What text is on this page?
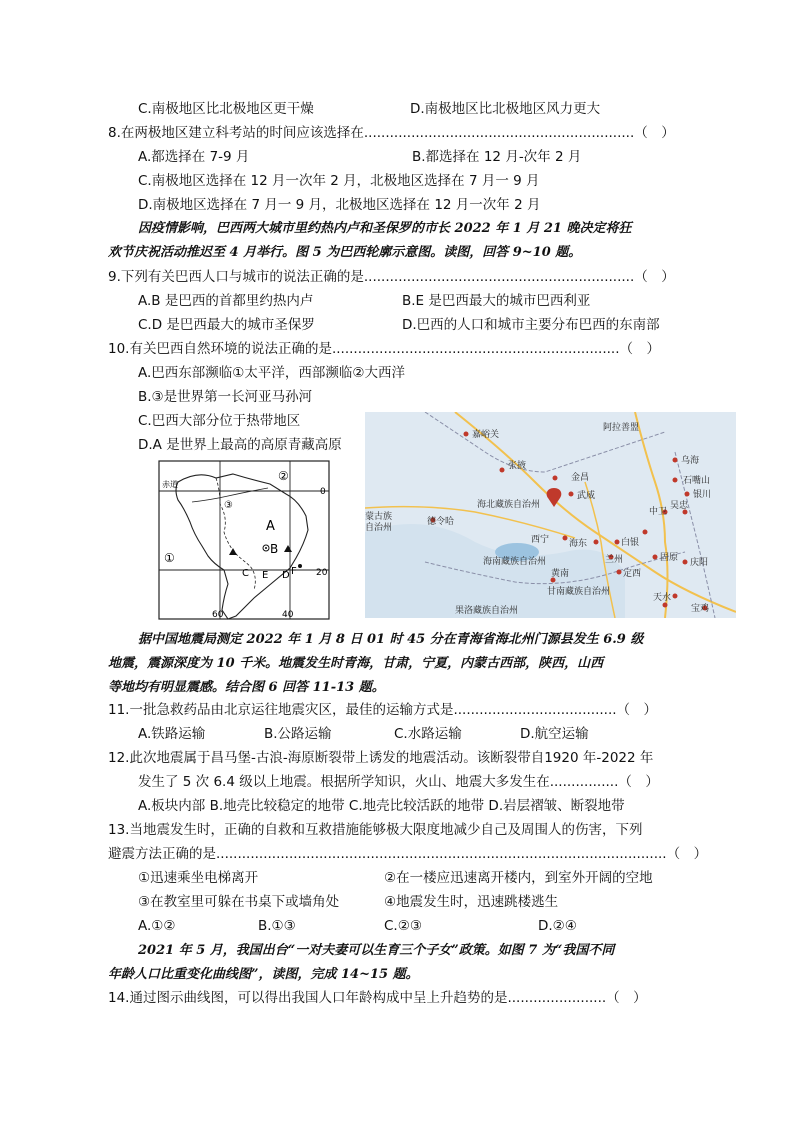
C.南极地区比北极地区更干燥	D.南极地区比北极地区风力更大
8.在两极地区建立科考站的时间应该选择在...............................................................（　）
A.都选择在 7-9 月	B.都选择在 12 月-次年 2 月
C.南极地区选择在 12 月一次年 2 月，北极地区选择在 7 月一 9 月
D.南极地区选择在 7 月一 9 月，北极地区选择在 12 月一次年 2 月
因疫情影响，巴西两大城市里约热内卢和圣保罗的市长 2022 年 1 月 21 晚决定将狂
欢节庆祝活动推迟至 4 月举行。图 5 为巴西轮廓示意图。读图，回答 9~10 题。
9.下列有关巴西人口与城市的说法正确的是...............................................................（　）
A.B 是巴西的首都里约热内卢	B.E 是巴西最大的城市巴西利亚
C.D 是巴西最大的城市圣保罗	D.巴西的人口和城市主要分布巴西的东南部
10.有关巴西自然环境的说法正确的是...................................................................（　）
A.巴西东部濒临①太平洋，西部濒临②大西洋
B.③是世界第一长河亚马孙河
C.巴西大部分位于热带地区
D.A 是世界上最高的高原青藏高原
赤道
①
②
③
A
B
C	D
E F
0
20
60	40
嘉峪关
阿拉善盟
乌海
张掖
石嘴山
金昌
银川
海北藏族自治州
武威
吴忠
蒙古族
自治州
德令哈
中卫
西宁 海东	白银
海南藏族自治州	兰州	固原
定西
庆阳
黄南
甘南藏族自治州
果洛藏族自治州
天水
宝鸡
据中国地震局测定 2022 年 1 月 8 日 01 时 45 分在青海省海北州门源县发生 6.9 级
地震，震源深度为 10 千米。地震发生时青海，甘肃，宁夏，内蒙古西部，陕西，山西
等地均有明显震感。结合图 6 回答 11-13 题。
11.一批急救药品由北京运往地震灾区，最佳的运输方式是......................................（　）
A.铁路运输	B.公路运输	C.水路运输	D.航空运输
12.此次地震属于昌马堡-古浪-海原断裂带上诱发的地震活动。该断裂带自1920 年-2022 年
发生了 5 次 6.4 级以上地震。根据所学知识，火山、地震大多发生在................（　）
A.板块内部 B.地壳比较稳定的地带 C.地壳比较活跃的地带 D.岩层褶皱、断裂地带
13.当地震发生时，正确的自救和互救措施能够极大限度地减少自己及周围人的伤害，下列
避震方法正确的是.........................................................................................................（　）
①迅速乘坐电梯离开	②在一楼应迅速离开楼内，到室外开阔的空地
③在教室里可躲在书桌下或墙角处	④地震发生时，迅速跳楼逃生
A.①②	B.①③	C.②③	D.②④
2021 年 5 月，我国出台“一对夫妻可以生育三个子女”政策。如图 7 为“我国不同
年龄人口比重变化曲线图”，读图，完成 14~15 题。
14.通过图示曲线图，可以得出我国人口年龄构成中呈上升趋势的是.......................（　）
